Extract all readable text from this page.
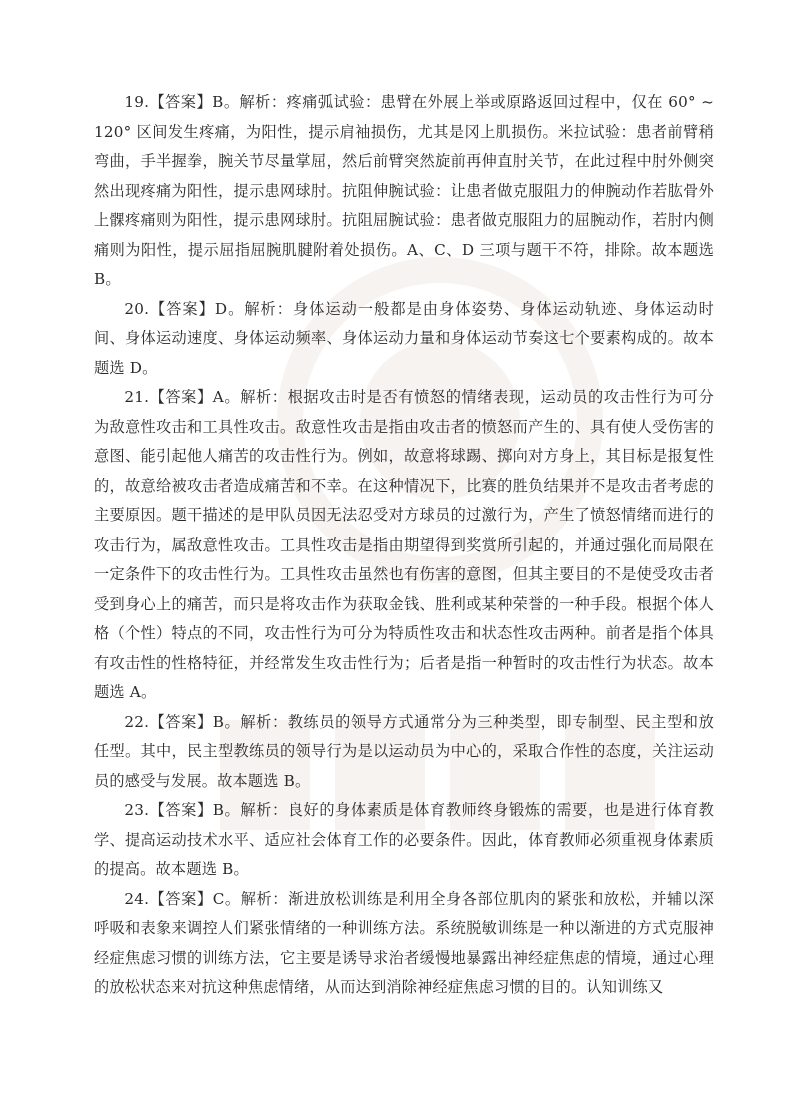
19.【答案】B。解析：疼痛弧试验：患臂在外展上举或原路返回过程中，仅在 60° ~ 120° 区间发生疼痛，为阳性，提示肩袖损伤，尤其是冈上肌损伤。米拉试验：患者前臂稍弯曲，手半握拳，腕关节尽量掌屈，然后前臂突然旋前再伸直肘关节，在此过程中肘外侧突然出现疼痛为阳性，提示患网球肘。抗阻伸腕试验：让患者做克服阻力的伸腕动作若肱骨外上髁疼痛则为阳性，提示患网球肘。抗阻屈腕试验：患者做克服阻力的屈腕动作，若肘内侧痛则为阳性，提示屈指屈腕肌腱附着处损伤。A、C、D 三项与题干不符，排除。故本题选 B。

20.【答案】D。解析：身体运动一般都是由身体姿势、身体运动轨迹、身体运动时间、身体运动速度、身体运动频率、身体运动力量和身体运动节奏这七个要素构成的。故本题选 D。

21.【答案】A。解析：根据攻击时是否有愤怒的情绪表现，运动员的攻击性行为可分为敌意性攻击和工具性攻击。敌意性攻击是指由攻击者的愤怒而产生的、具有使人受伤害的意图、能引起他人痛苦的攻击性行为。例如，故意将球踢、掷向对方身上，其目标是报复性的，故意给被攻击者造成痛苦和不幸。在这种情况下，比赛的胜负结果并不是攻击者考虑的主要原因。题干描述的是甲队员因无法忍受对方球员的过激行为，产生了愤怒情绪而进行的攻击行为，属敌意性攻击。工具性攻击是指由期望得到奖赏所引起的，并通过强化而局限在一定条件下的攻击性行为。工具性攻击虽然也有伤害的意图，但其主要目的不是使受攻击者受到身心上的痛苦，而只是将攻击作为获取金钱、胜利或某种荣誉的一种手段。根据个体人格（个性）特点的不同，攻击性行为可分为特质性攻击和状态性攻击两种。前者是指个体具有攻击性的性格特征，并经常发生攻击性行为；后者是指一种暂时的攻击性行为状态。故本题选 A。

22.【答案】B。解析：教练员的领导方式通常分为三种类型，即专制型、民主型和放任型。其中，民主型教练员的领导行为是以运动员为中心的，采取合作性的态度，关注运动员的感受与发展。故本题选 B。

23.【答案】B。解析：良好的身体素质是体育教师终身锻炼的需要，也是进行体育教学、提高运动技术水平、适应社会体育工作的必要条件。因此，体育教师必须重视身体素质的提高。故本题选 B。

24.【答案】C。解析：渐进放松训练是利用全身各部位肌肉的紧张和放松，并辅以深呼吸和表象来调控人们紧张情绪的一种训练方法。系统脱敏训练是一种以渐进的方式克服神经症焦虑习惯的训练方法，它主要是诱导求治者缓慢地暴露出神经症焦虑的情境，通过心理的放松状态来对抗这种焦虑情绪，从而达到消除神经症焦虑习惯的目的。认知训练又
